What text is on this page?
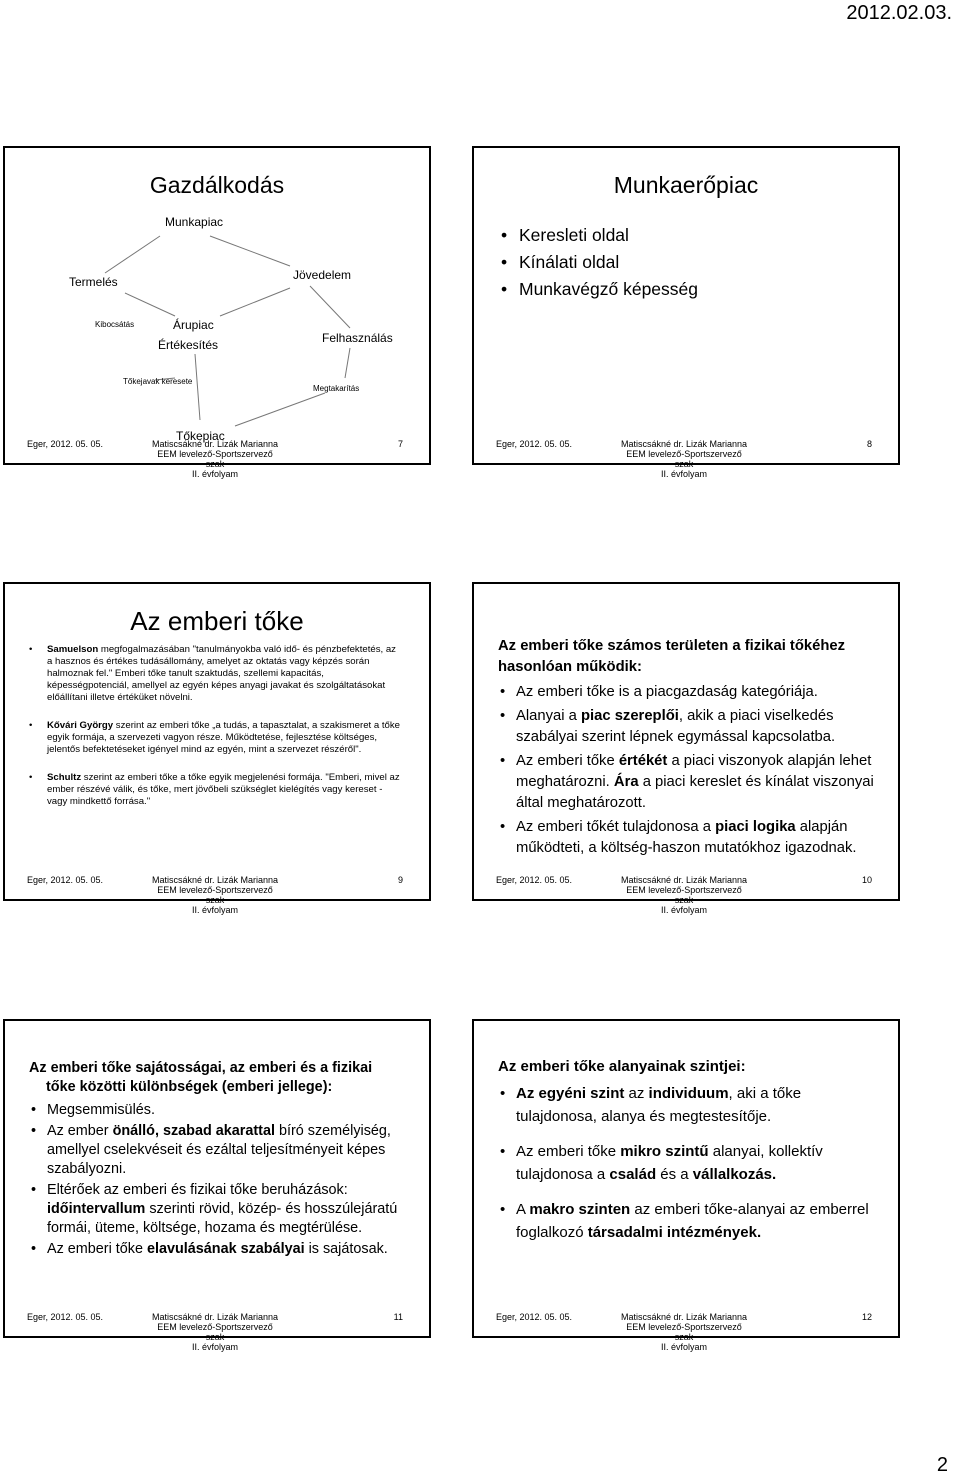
2012.02.03.
Gazdálkodás
Munkapiac
Termelés	Jövedelem
Kibocsátás	Árupiac
Értékesítés	Felhasználás
Tőkejavak keresete
Megtakarítás
Tőkepiac
Eger, 2012. 05. 05.	Matiscsákné dr. Lizák Marianna
EEM levelező-Sportszervező szak
II. évfolyam
7
Munkaerőpiac
• Keresleti oldal
• Kínálati oldal
• Munkavégző képesség
Eger, 2012. 05. 05.	Matiscsákné dr. Lizák Marianna
EEM levelező-Sportszervező szak
II. évfolyam
8
Az emberi tőke
• Samuelson megfogalmazásában "tanulmányokba való idő- és pénzbefektetés, az a hasznos és értékes tudásállomány, amelyet az oktatás vagy képzés során halmoznak fel." Emberi tőke tanult szaktudás, szellemi kapacitás, képességpotenciál, amellyel az egyén képes anyagi javakat és szolgáltatásokat előállítani illetve értéküket növelni.
• Kővári György szerint az emberi tőke „a tudás, a tapasztalat, a szakismeret a tőke egyik formája, a szervezeti vagyon része. Működtetése, fejlesztése költséges, jelentős befektetéseket igényel mind az egyén, mint a szervezet részéről".
• Schultz szerint az emberi tőke a tőke egyik megjelenési formája. "Emberi, mivel az ember részévé válik, és tőke, mert jövőbeli szükséglet kielégítés vagy kereset - vagy mindkettő forrása."
Eger, 2012. 05. 05.	Matiscsákné dr. Lizák Marianna
EEM levelező-Sportszervező szak
II. évfolyam
9

Az emberi tőke számos területen a fizikai tőkéhez hasonlóan működik:

• Az emberi tőke is a piacgazdaság kategóriája.
• Alanyai a piac szereplői, akik a piaci viselkedés szabályai szerint lépnek egymással kapcsolatba.
• Az emberi tőke értékét a piaci viszonyok alapján lehet meghatározni. Ára a piaci kereslet és kínálat viszonyai által meghatározott.
• Az emberi tőkét tulajdonosa a piaci logika alapján működteti, a költség-haszon mutatókhoz igazodnak.
Eger, 2012. 05. 05.	Matiscsákné dr. Lizák Marianna
EEM levelező-Sportszervező szak
II. évfolyam
10

Az emberi tőke sajátosságai, az emberi és a fizikai tőke közötti különbségek (emberi jellege):

• Megsemmisülés.
• Az ember önálló, szabad akarattal bíró személyiség, amellyel cselekvéseit és ezáltal teljesítményeit képes szabályozni.
• Eltérőek az emberi és fizikai tőke beruházások: időintervallum szerinti rövid, közép- és hosszúlejáratú formái, üteme, költsége, hozama és megtérülése.
• Az emberi tőke elavulásának szabályai is sajátosak.
Eger, 2012. 05. 05.	Matiscsákné dr. Lizák Marianna
EEM levelező-Sportszervező szak
II. évfolyam
11

Az emberi tőke alanyainak szintjei:

• Az egyéni szint az individuum, aki a tőke tulajdonosa, alanya és megtestesítője.
• Az emberi tőke mikro szintű alanyai, kollektív tulajdonosa a család és a vállalkozás.
• A makro szinten az emberi tőke-alanyai az emberrel foglalkozó társadalmi intézmények.
Eger, 2012. 05. 05.	Matiscsákné dr. Lizák Marianna
EEM levelező-Sportszervező szak
II. évfolyam
12
2
